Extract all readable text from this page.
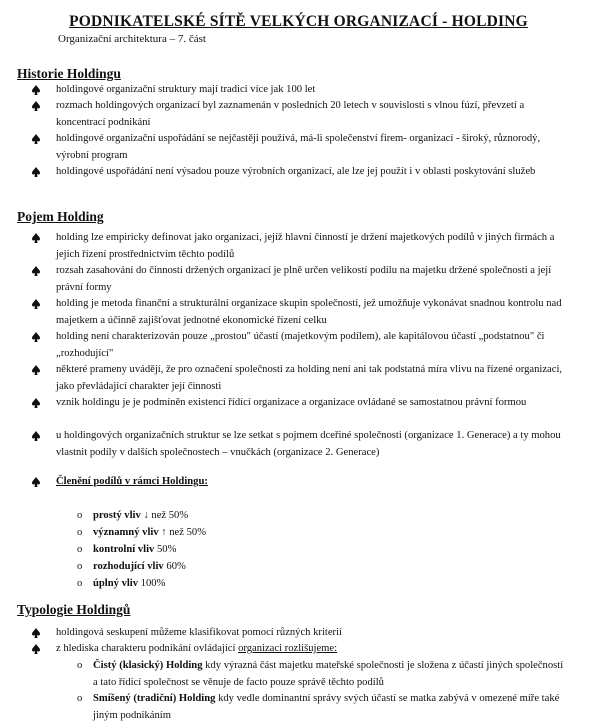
PODNIKATELSKÉ SÍTĚ VELKÝCH ORGANIZACÍ - HOLDING
Organizační architektura – 7. část
Historie Holdingu
holdingové organizační struktury mají tradici více jak 100 let
rozmach holdingových organizací byl zaznamenán v posledních 20 letech v souvislosti s vlnou fúzí, převzetí a koncentrací podnikání
holdingové organizační uspořádání se nejčastěji používá, má-li společenství firem- organizací - široký, různorodý, výrobní program
holdingové uspořádání není výsadou pouze výrobních organizací, ale lze jej použít i v oblasti poskytování služeb
Pojem Holding
holding lze empiricky definovat jako organizaci, jejíž hlavní činností je držení majetkových podílů v jiných firmách a jejich řízení prostřednictvím těchto podílů
rozsah zasahování do činností držených organizací je plně určen velikostí podílu na majetku držené společnosti a její právní formy
holding je metoda finanční a strukturální organizace skupin společností, jež umožňuje vykonávat snadnou kontrolu nad majetkem a účinně zajišťovat jednotné ekonomické řízení celku
holding není charakterizován pouze „prostou" účastí (majetkovým podílem), ale kapitálovou účastí „podstatnou" či „rozhodující"
některé prameny uvádějí, že pro označení společnosti za holding není ani tak podstatná míra vlivu na řízené organizaci, jako převládající charakter její činnosti
vznik holdingu je je podmíněn existencí řídící organizace a organizace ovládané se samostatnou právní formou
u holdingových organizačních struktur se lze setkat s pojmem dceřiné společnosti (organizace 1. Generace) a ty mohou vlastnit podíly v dalších společnostech – vnučkách (organizace 2. Generace)
Členění podílů v rámci Holdingu:
o prostý vliv ↓ než 50%
o významný vliv ↑ než 50%
o kontrolní vliv 50%
o rozhodující vliv 60%
o úplný vliv 100%
Typologie Holdingů
holdingová seskupení můžeme klasifikovat pomocí různých kriterií
z hlediska charakteru podnikání ovládající organizaci rozlišujeme:
o Čistý (klasický) Holding kdy výrazná část majetku mateřské společnosti je složena z účastí jiných společností a tato řídící společnost se věnuje de facto pouze správě těchto podílů
o Smíšený (tradiční) Holding kdy vedle dominantní správy svých účastí se matka zabývá v omezené míře také jiným podnikáním
